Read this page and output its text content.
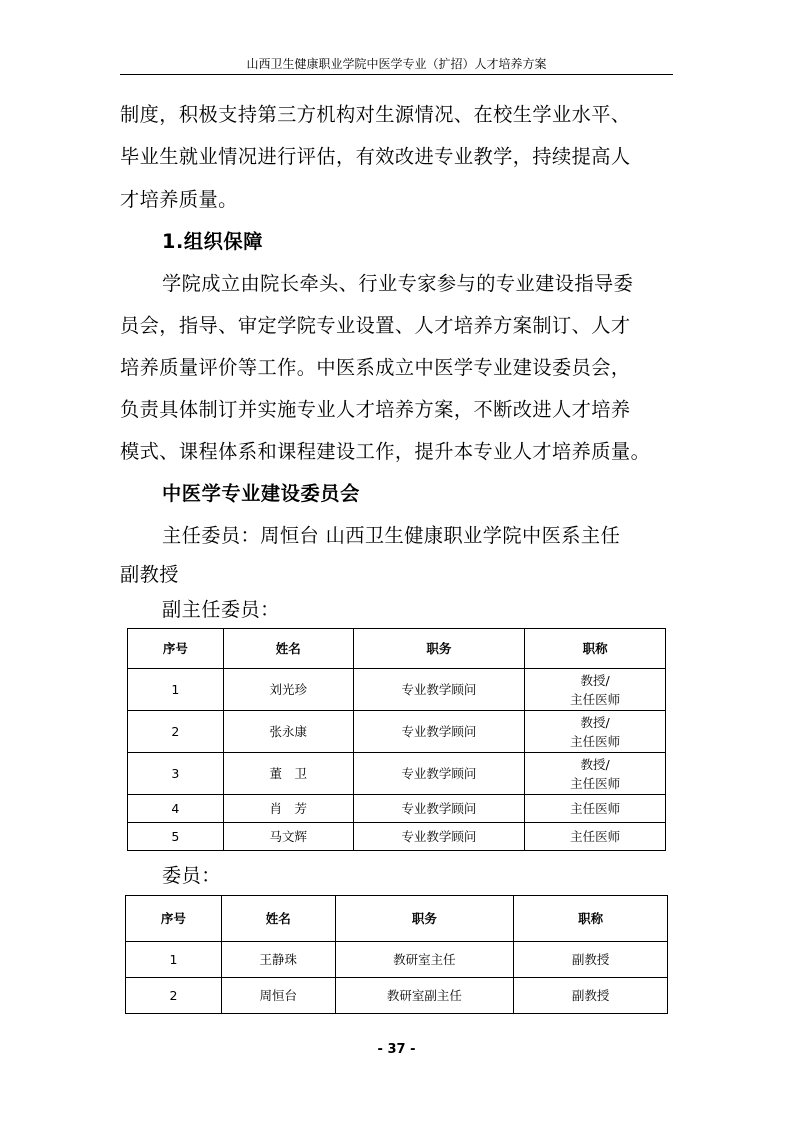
山西卫生健康职业学院中医学专业（扩招）人才培养方案
制度，积极支持第三方机构对生源情况、在校生学业水平、
毕业生就业情况进行评估，有效改进专业教学，持续提高人
才培养质量。
1.组织保障
学院成立由院长牵头、行业专家参与的专业建设指导委
员会，指导、审定学院专业设置、人才培养方案制订、人才
培养质量评价等工作。中医系成立中医学专业建设委员会，
负责具体制订并实施专业人才培养方案，不断改进人才培养
模式、课程体系和课程建设工作，提升本专业人才培养质量。
中医学专业建设委员会
主任委员：周恒台 山西卫生健康职业学院中医系主任
副教授
副主任委员：
序号	姓名	职务	职称
1	刘光珍	专业教学顾问	教授/
主任医师
2	张永康	专业教学顾问	教授/
主任医师
3	董　卫	专业教学顾问	教授/
主任医师
4	肖　芳	专业教学顾问	主任医师
5	马文辉	专业教学顾问	主任医师
委员：
序号	姓名	职务	职称
1	王静珠	教研室主任	副教授
2	周恒台	教研室副主任	副教授
- 37 -
